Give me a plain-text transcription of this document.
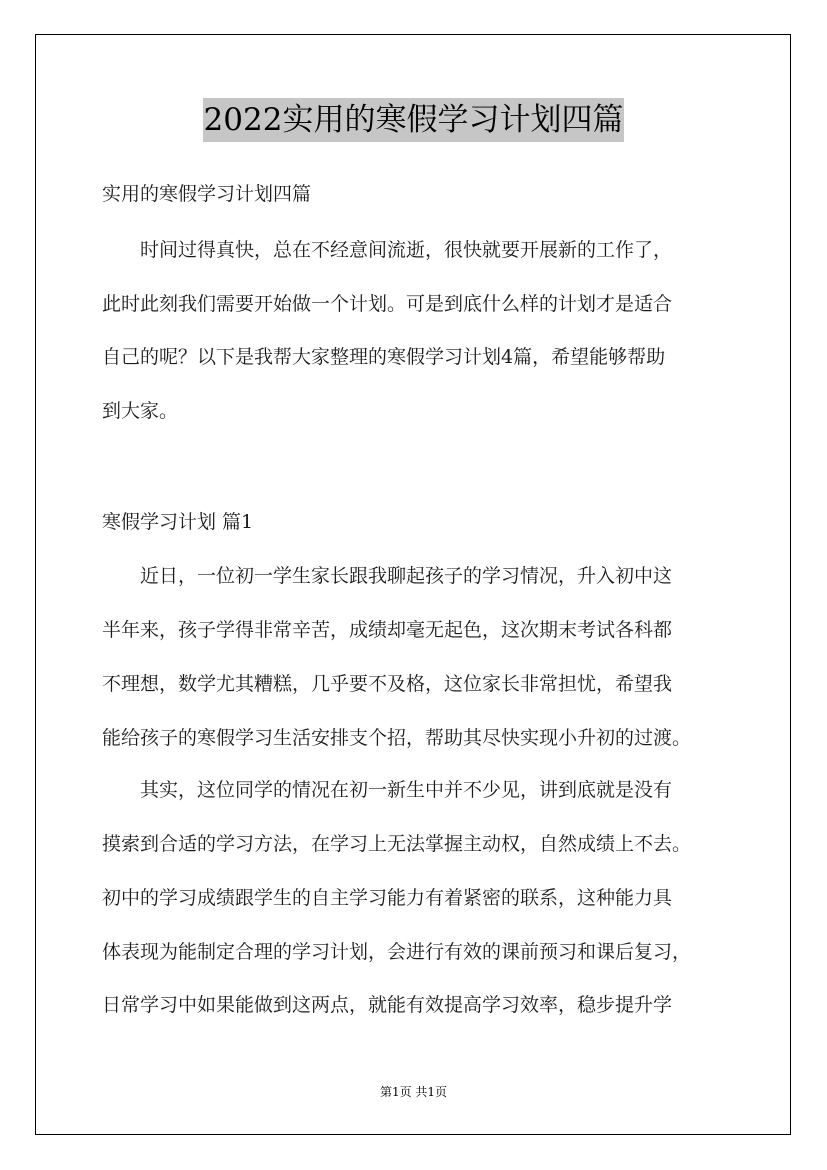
2022实用的寒假学习计划四篇
实用的寒假学习计划四篇
时间过得真快，总在不经意间流逝，很快就要开展新的工作了，
此时此刻我们需要开始做一个计划。可是到底什么样的计划才是适合
自己的呢？以下是我帮大家整理的寒假学习计划4篇，希望能够帮助
到大家。
寒假学习计划 篇1
近日，一位初一学生家长跟我聊起孩子的学习情况，升入初中这
半年来，孩子学得非常辛苦，成绩却毫无起色，这次期末考试各科都
不理想，数学尤其糟糕，几乎要不及格，这位家长非常担忧，希望我
能给孩子的寒假学习生活安排支个招，帮助其尽快实现小升初的过渡。
其实，这位同学的情况在初一新生中并不少见，讲到底就是没有
摸索到合适的学习方法，在学习上无法掌握主动权，自然成绩上不去。
初中的学习成绩跟学生的自主学习能力有着紧密的联系，这种能力具
体表现为能制定合理的学习计划，会进行有效的课前预习和课后复习，
日常学习中如果能做到这两点，就能有效提高学习效率，稳步提升学
第1页 共1页
